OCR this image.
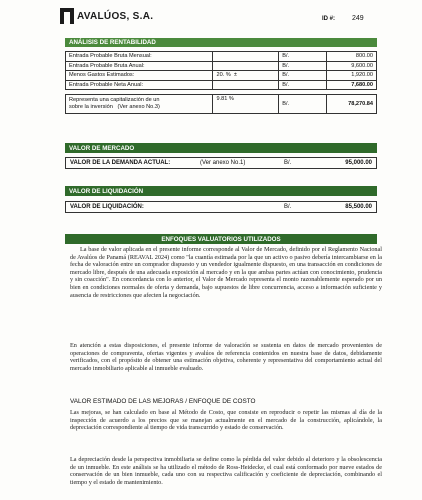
AVALÚOS, S.A.	ID #: 249
ANÁLISIS DE RENTABILIDAD
Entrada Probable Bruta Mensual:		B/.	800.00
Entrada Probable Bruta Anual:		B/.	9,600.00
Menos Gastos Estimados:	20. % ±	B/.	1,920.00
Entrada Probable Neta Anual:		B/.	7,680.00
Representa una capitalización de un
sobre la inversión (Ver anexo No.3)
	9.81 %	B/.	78,270.84
VALOR DE MERCADO
VALOR DE LA DEMANDA ACTUAL:	(Ver anexo No.1)	B/.	95,000.00
VALOR DE LIQUIDACIÓN
VALOR DE LIQUIDACIÓN:	B/.	85,500.00
ENFOQUES VALUATORIOS UTILIZADOS
La base de valor aplicada en el presente informe corresponde al Valor de Mercado, definido por el Reglamento Nacional de Avalúos de Panamá (REAVAL 2024) como "la cuantía estimada por la que un activo o pasivo debería intercambiarse en la fecha de valoración entre un comprador dispuesto y un vendedor igualmente dispuesto, en una transacción en condiciones de mercado libre, después de una adecuada exposición al mercado y en la que ambas partes actúan con conocimiento, prudencia y sin coacción". En concordancia con lo anterior, el Valor de Mercado representa el monto razonablemente esperado por un bien en condiciones normales de oferta y demanda, bajo supuestos de libre concurrencia, acceso a información suficiente y ausencia de restricciones que afecten la negociación.
En atención a estas disposiciones, el presente informe de valoración se sustenta en datos de mercado provenientes de operaciones de compraventa, ofertas vigentes y avalúos de referencia contenidos en nuestra base de datos, debidamente verificados, con el propósito de obtener una estimación objetiva, coherente y representativa del comportamiento actual del mercado inmobiliario aplicable al inmueble evaluado.
VALOR ESTIMADO DE LAS MEJORAS / ENFOQUE DE COSTO
Las mejoras, se han calculado en base al Método de Costo, que consiste en reproducir o repetir las mismas al día de la inspección de acuerdo a los precios que se manejan actualmente en el mercado de la construcción, aplicándole, la depreciación correspondiente al tiempo de vida transcurrido y estado de conservación.
La depreciación desde la perspectiva inmobiliaria se define como la pérdida del valor debido al deterioro y la obsolescencia de un inmueble. En este análisis se ha utilizado el método de Ross-Heidecke, el cual está conformado por nueve estados de conservación de un bien inmueble, cada uno con su respectiva calificación y coeficiente de depreciación, combinando el tiempo y el estado de mantenimiento.
